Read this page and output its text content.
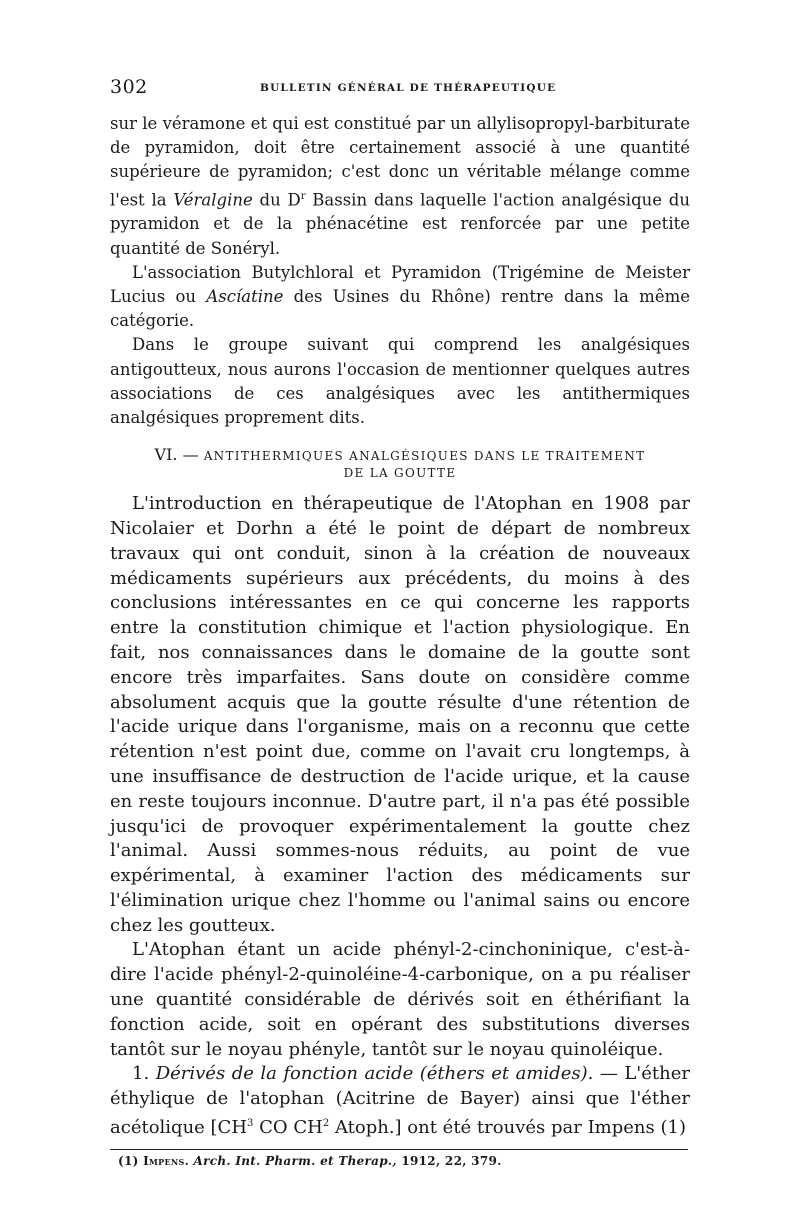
302	BULLETIN GÉNÉRAL DE THÉRAPEUTIQUE

sur le véramone et qui est constitué par un allylisopropyl-barbiturate de pyramidon, doit être certainement associé à une quantité supérieure de pyramidon; c'est donc un véritable mélange comme l'est la Véralgine du $D^r$ Bassin dans laquelle l'action analgésique du pyramidon et de la phénacétine est renforcée par une petite quantité de Sonéryl.

L'association Butylchloral et Pyramidon (Trigémine de Meister Lucius ou Ascíatine des Usines du Rhône) rentre dans la même catégorie.

Dans le groupe suivant qui comprend les analgésiques antigoutteux, nous aurons l'occasion de mentionner quelques autres associations de ces analgésiques avec les antithermiques analgésiques proprement dits.

VI. — ANTITHERMIQUES ANALGÉSIQUES DANS LE TRAITEMENT
DE LA GOUTTE

L'introduction en thérapeutique de l'Atophan en 1908 par Nicolaier et Dorhn a été le point de départ de nombreux travaux qui ont conduit, sinon à la création de nouveaux médicaments supérieurs aux précédents, du moins à des conclusions intéressantes en ce qui concerne les rapports entre la constitution chimique et l'action physiologique. En fait, nos connaissances dans le domaine de la goutte sont encore très imparfaites. Sans doute on considère comme absolument acquis que la goutte résulte d'une rétention de l'acide urique dans l'organisme, mais on a reconnu que cette rétention n'est point due, comme on l'avait cru longtemps, à une insuffisance de destruction de l'acide urique, et la cause en reste toujours inconnue. D'autre part, il n'a pas été possible jusqu'ici de provoquer expérimentalement la goutte chez l'animal. Aussi sommes-nous réduits, au point de vue expérimental, à examiner l'action des médicaments sur l'élimination urique chez l'homme ou l'animal sains ou encore chez les goutteux.

L'Atophan étant un acide phényl-2-cinchoninique, c'est-à-dire l'acide phényl-2-quinoléine-4-carbonique, on a pu réaliser une quantité considérable de dérivés soit en éthérifiant la fonction acide, soit en opérant des substitutions diverses tantôt sur le noyau phényle, tantôt sur le noyau quinoléique.

1. Dérivés de la fonction acide (éthers et amides). — L'éther éthylique de l'atophan (Acitrine de Bayer) ainsi que l'éther acétolique [$CH^3$ CO $CH^2$ Atoph.] ont été trouvés par Impens (1)

(1) Impens. Arch. Int. Pharm. et Therap., 1912, 22, 379.
